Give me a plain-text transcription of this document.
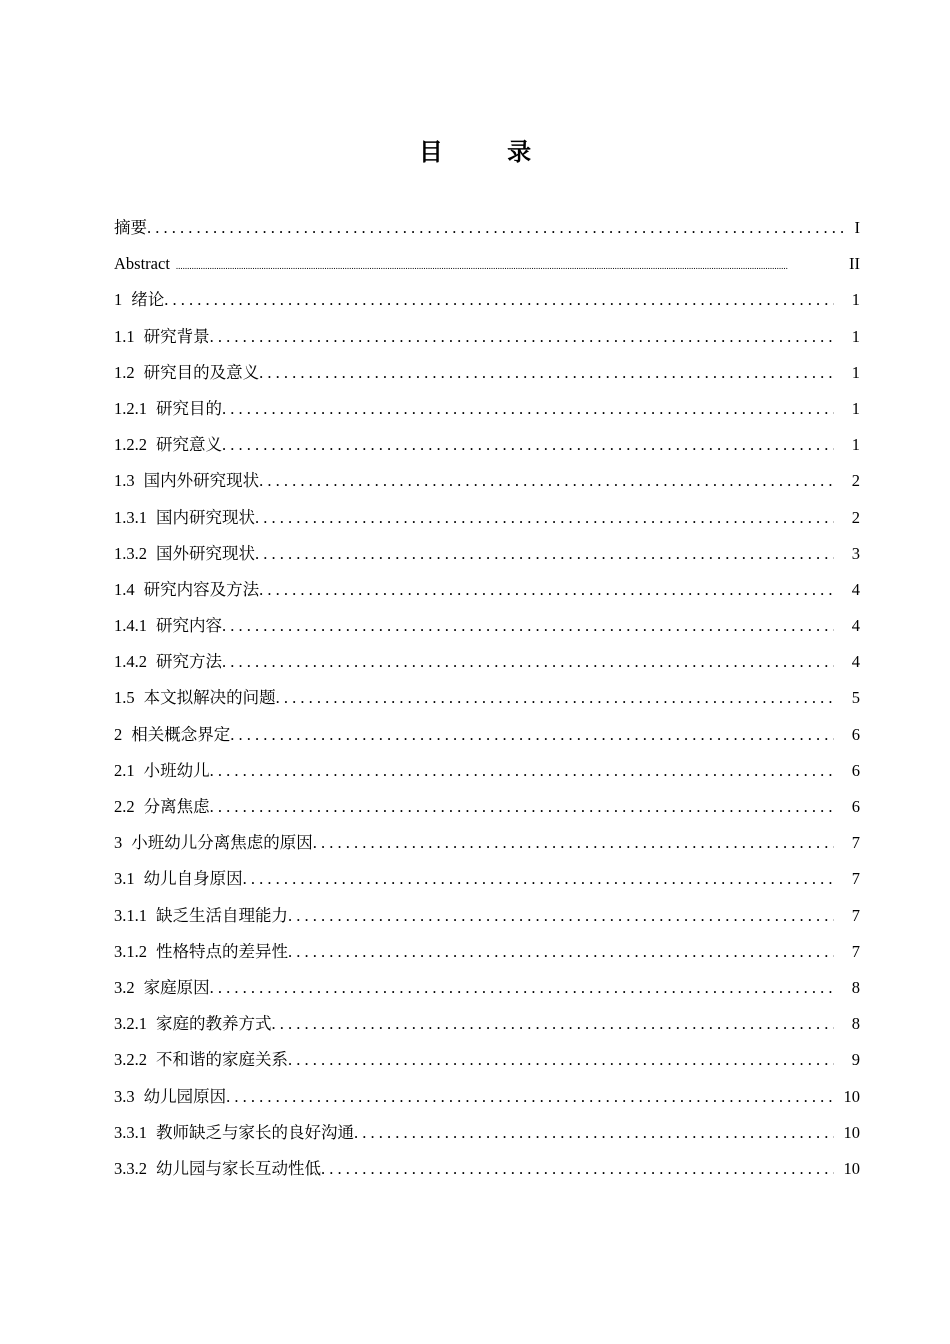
目 录
摘要 . . .	I
Abstract .....	II
1 绪论 . . .	1
1.1 研究背景 . . .	1
1.2 研究目的及意义 . . .	1
1.2.1 研究目的 . . .	1
1.2.2 研究意义 . . .	1
1.3 国内外研究现状 . . .	2
1.3.1 国内研究现状 . . .	2
1.3.2 国外研究现状 . . .	3
1.4 研究内容及方法 . . .	4
1.4.1 研究内容 . . .	4
1.4.2 研究方法 . . .	4
1.5 本文拟解决的问题 . . .	5
2 相关概念界定 . . .	6
2.1 小班幼儿 . . .	6
2.2 分离焦虑 . . .	6
3 小班幼儿分离焦虑的原因 . . .	7
3.1 幼儿自身原因 . . .	7
3.1.1 缺乏生活自理能力 . . .	7
3.1.2 性格特点的差异性 . . .	7
3.2 家庭原因 . . .	8
3.2.1 家庭的教养方式 . . .	8
3.2.2 不和谐的家庭关系 . . .	9
3.3 幼儿园原因 . . .	10
3.3.1 教师缺乏与家长的良好沟通 . . .	10
3.3.2 幼儿园与家长互动性低 . . .	10
